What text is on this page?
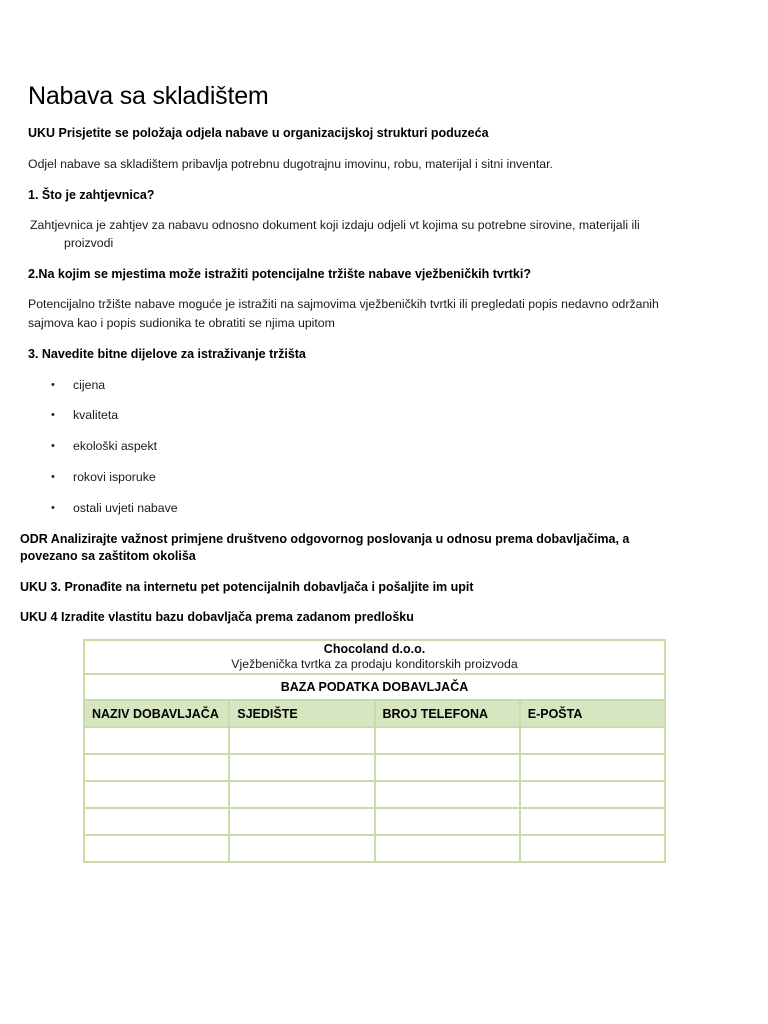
Nabava sa skladištem
UKU Prisjetite se položaja odjela nabave u organizacijskoj strukturi poduzeća
Odjel nabave sa skladištem pribavlja potrebnu dugotrajnu imovinu, robu, materijal i sitni inventar.
1. Što je zahtjevnica?
Zahtjevnica je zahtjev za nabavu odnosno dokument koji izdaju odjeli vt kojima su potrebne sirovine, materijali ili
proizvodi
2.Na kojim se mjestima može istražiti potencijalne tržište nabave vježbeničkih tvrtki?
Potencijalno tržište nabave moguće je istražiti na sajmovima vježbeničkih tvrtki ili pregledati popis nedavno održanih
sajmova kao i popis sudionika te obratiti se njima upitom
3. Navedite bitne dijelove za istraživanje tržišta
• cijena
• kvaliteta
• ekološki aspekt
• rokovi isporuke
• ostali uvjeti nabave
ODR Analizirajte važnost primjene društveno odgovornog poslovanja u odnosu prema dobavljačima, a
povezano sa zaštitom okoliša
UKU 3. Pronađite na internetu pet potencijalnih dobavljača i pošaljite im upit
UKU 4 Izradite vlastitu bazu dobavljača prema zadanom predlošku
Chocoland d.o.o.
Vježbenička tvrtka za prodaju konditorskih proizvoda			

BAZA PODATKA DOBAVLJAČA			
NAZIV DOBAVLJAČA	SJEDIŠTE	BROJ TELEFONA	E-POŠTA
